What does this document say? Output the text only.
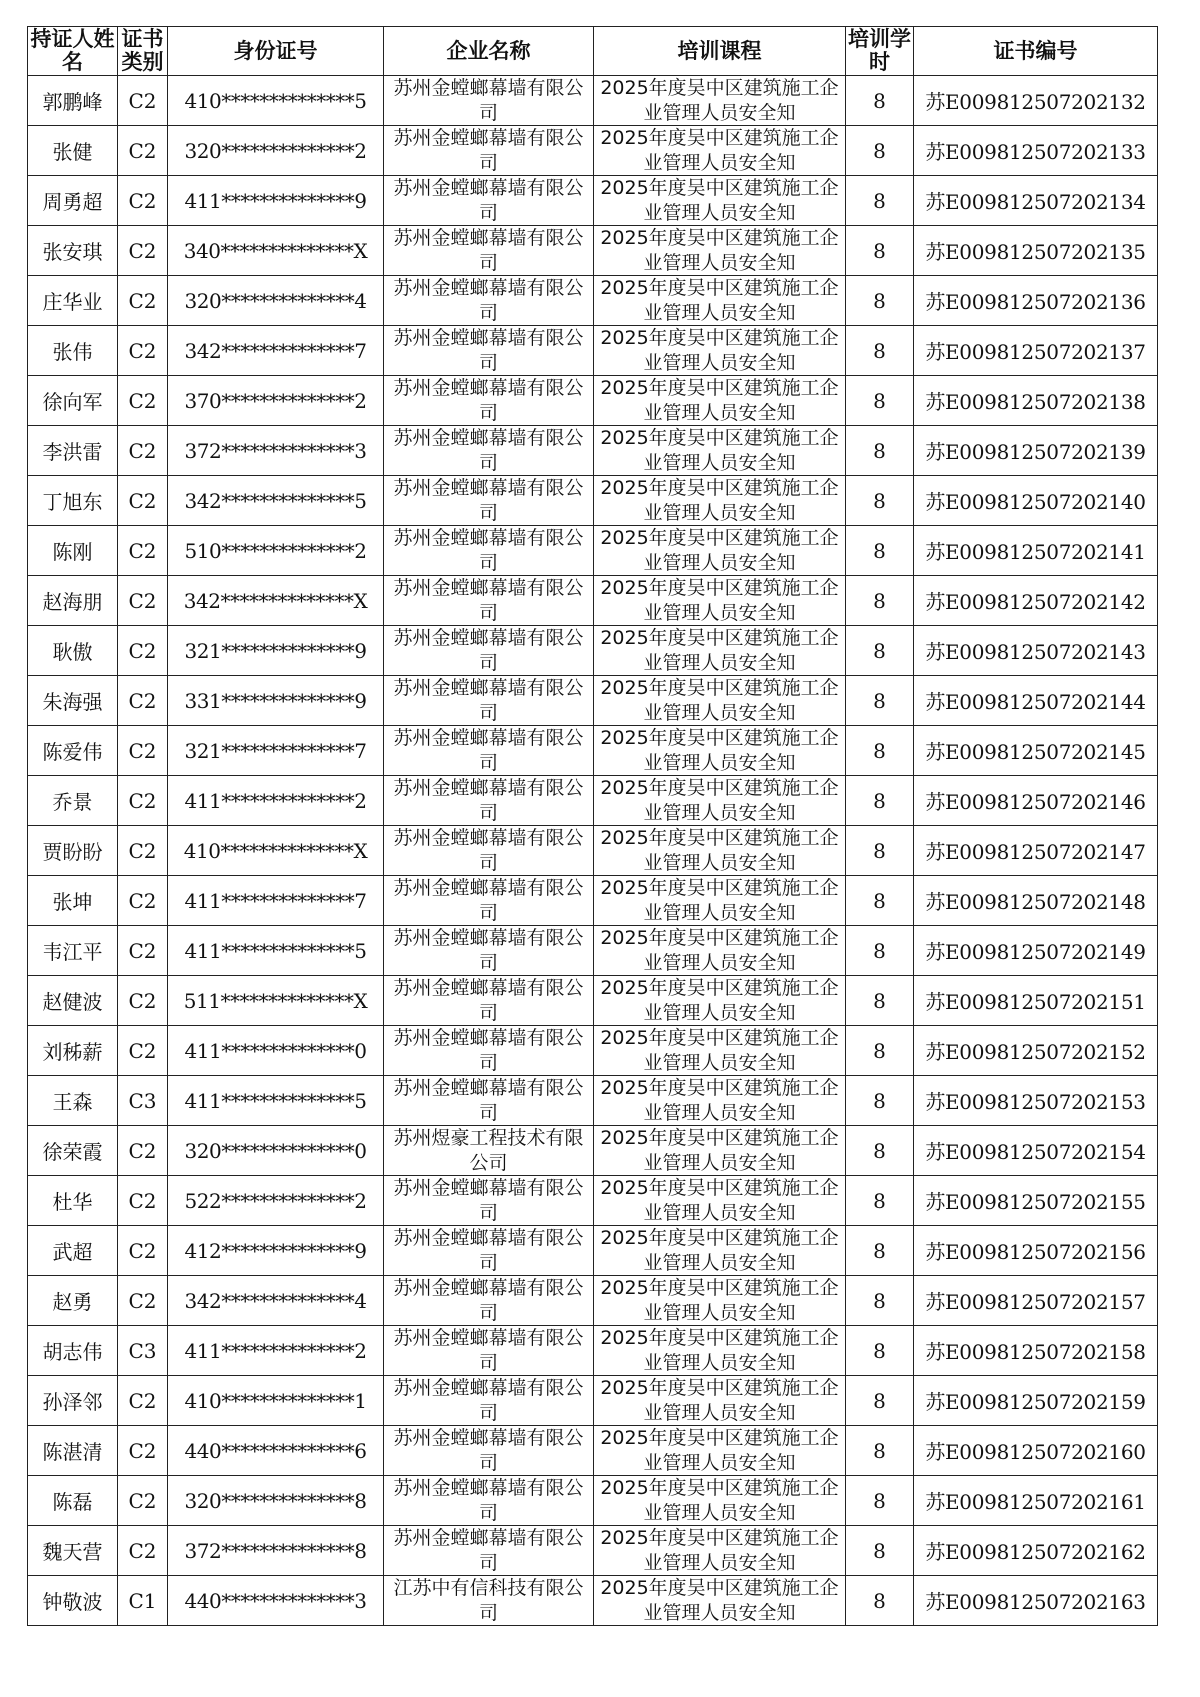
持证人姓名	证书类别	身份证号	企业名称	培训课程	培训学时	证书编号
郭鹏峰	C2	410**************5	苏州金螳螂幕墙有限公司	2025年度吴中区建筑施工企业管理人员安全知	8	苏E009812507202132
张健	C2	320**************2	苏州金螳螂幕墙有限公司	2025年度吴中区建筑施工企业管理人员安全知	8	苏E009812507202133
周勇超	C2	411**************9	苏州金螳螂幕墙有限公司	2025年度吴中区建筑施工企业管理人员安全知	8	苏E009812507202134
张安琪	C2	340**************X	苏州金螳螂幕墙有限公司	2025年度吴中区建筑施工企业管理人员安全知	8	苏E009812507202135
庄华业	C2	320**************4	苏州金螳螂幕墙有限公司	2025年度吴中区建筑施工企业管理人员安全知	8	苏E009812507202136
张伟	C2	342**************7	苏州金螳螂幕墙有限公司	2025年度吴中区建筑施工企业管理人员安全知	8	苏E009812507202137
徐向军	C2	370**************2	苏州金螳螂幕墙有限公司	2025年度吴中区建筑施工企业管理人员安全知	8	苏E009812507202138
李洪雷	C2	372**************3	苏州金螳螂幕墙有限公司	2025年度吴中区建筑施工企业管理人员安全知	8	苏E009812507202139
丁旭东	C2	342**************5	苏州金螳螂幕墙有限公司	2025年度吴中区建筑施工企业管理人员安全知	8	苏E009812507202140
陈刚	C2	510**************2	苏州金螳螂幕墙有限公司	2025年度吴中区建筑施工企业管理人员安全知	8	苏E009812507202141
赵海朋	C2	342**************X	苏州金螳螂幕墙有限公司	2025年度吴中区建筑施工企业管理人员安全知	8	苏E009812507202142
耿傲	C2	321**************9	苏州金螳螂幕墙有限公司	2025年度吴中区建筑施工企业管理人员安全知	8	苏E009812507202143
朱海强	C2	331**************9	苏州金螳螂幕墙有限公司	2025年度吴中区建筑施工企业管理人员安全知	8	苏E009812507202144
陈爱伟	C2	321**************7	苏州金螳螂幕墙有限公司	2025年度吴中区建筑施工企业管理人员安全知	8	苏E009812507202145
乔景	C2	411**************2	苏州金螳螂幕墙有限公司	2025年度吴中区建筑施工企业管理人员安全知	8	苏E009812507202146
贾盼盼	C2	410**************X	苏州金螳螂幕墙有限公司	2025年度吴中区建筑施工企业管理人员安全知	8	苏E009812507202147
张坤	C2	411**************7	苏州金螳螂幕墙有限公司	2025年度吴中区建筑施工企业管理人员安全知	8	苏E009812507202148
韦江平	C2	411**************5	苏州金螳螂幕墙有限公司	2025年度吴中区建筑施工企业管理人员安全知	8	苏E009812507202149
赵健波	C2	511**************X	苏州金螳螂幕墙有限公司	2025年度吴中区建筑施工企业管理人员安全知	8	苏E009812507202151
刘秭薪	C2	411**************0	苏州金螳螂幕墙有限公司	2025年度吴中区建筑施工企业管理人员安全知	8	苏E009812507202152
王森	C3	411**************5	苏州金螳螂幕墙有限公司	2025年度吴中区建筑施工企业管理人员安全知	8	苏E009812507202153
徐荣霞	C2	320**************0	苏州煜豪工程技术有限公司	2025年度吴中区建筑施工企业管理人员安全知	8	苏E009812507202154
杜华	C2	522**************2	苏州金螳螂幕墙有限公司	2025年度吴中区建筑施工企业管理人员安全知	8	苏E009812507202155
武超	C2	412**************9	苏州金螳螂幕墙有限公司	2025年度吴中区建筑施工企业管理人员安全知	8	苏E009812507202156
赵勇	C2	342**************4	苏州金螳螂幕墙有限公司	2025年度吴中区建筑施工企业管理人员安全知	8	苏E009812507202157
胡志伟	C3	411**************2	苏州金螳螂幕墙有限公司	2025年度吴中区建筑施工企业管理人员安全知	8	苏E009812507202158
孙泽邻	C2	410**************1	苏州金螳螂幕墙有限公司	2025年度吴中区建筑施工企业管理人员安全知	8	苏E009812507202159
陈湛清	C2	440**************6	苏州金螳螂幕墙有限公司	2025年度吴中区建筑施工企业管理人员安全知	8	苏E009812507202160
陈磊	C2	320**************8	苏州金螳螂幕墙有限公司	2025年度吴中区建筑施工企业管理人员安全知	8	苏E009812507202161
魏天营	C2	372**************8	苏州金螳螂幕墙有限公司	2025年度吴中区建筑施工企业管理人员安全知	8	苏E009812507202162
钟敬波	C1	440**************3	江苏中有信科技有限公司	2025年度吴中区建筑施工企业管理人员安全知	8	苏E009812507202163
